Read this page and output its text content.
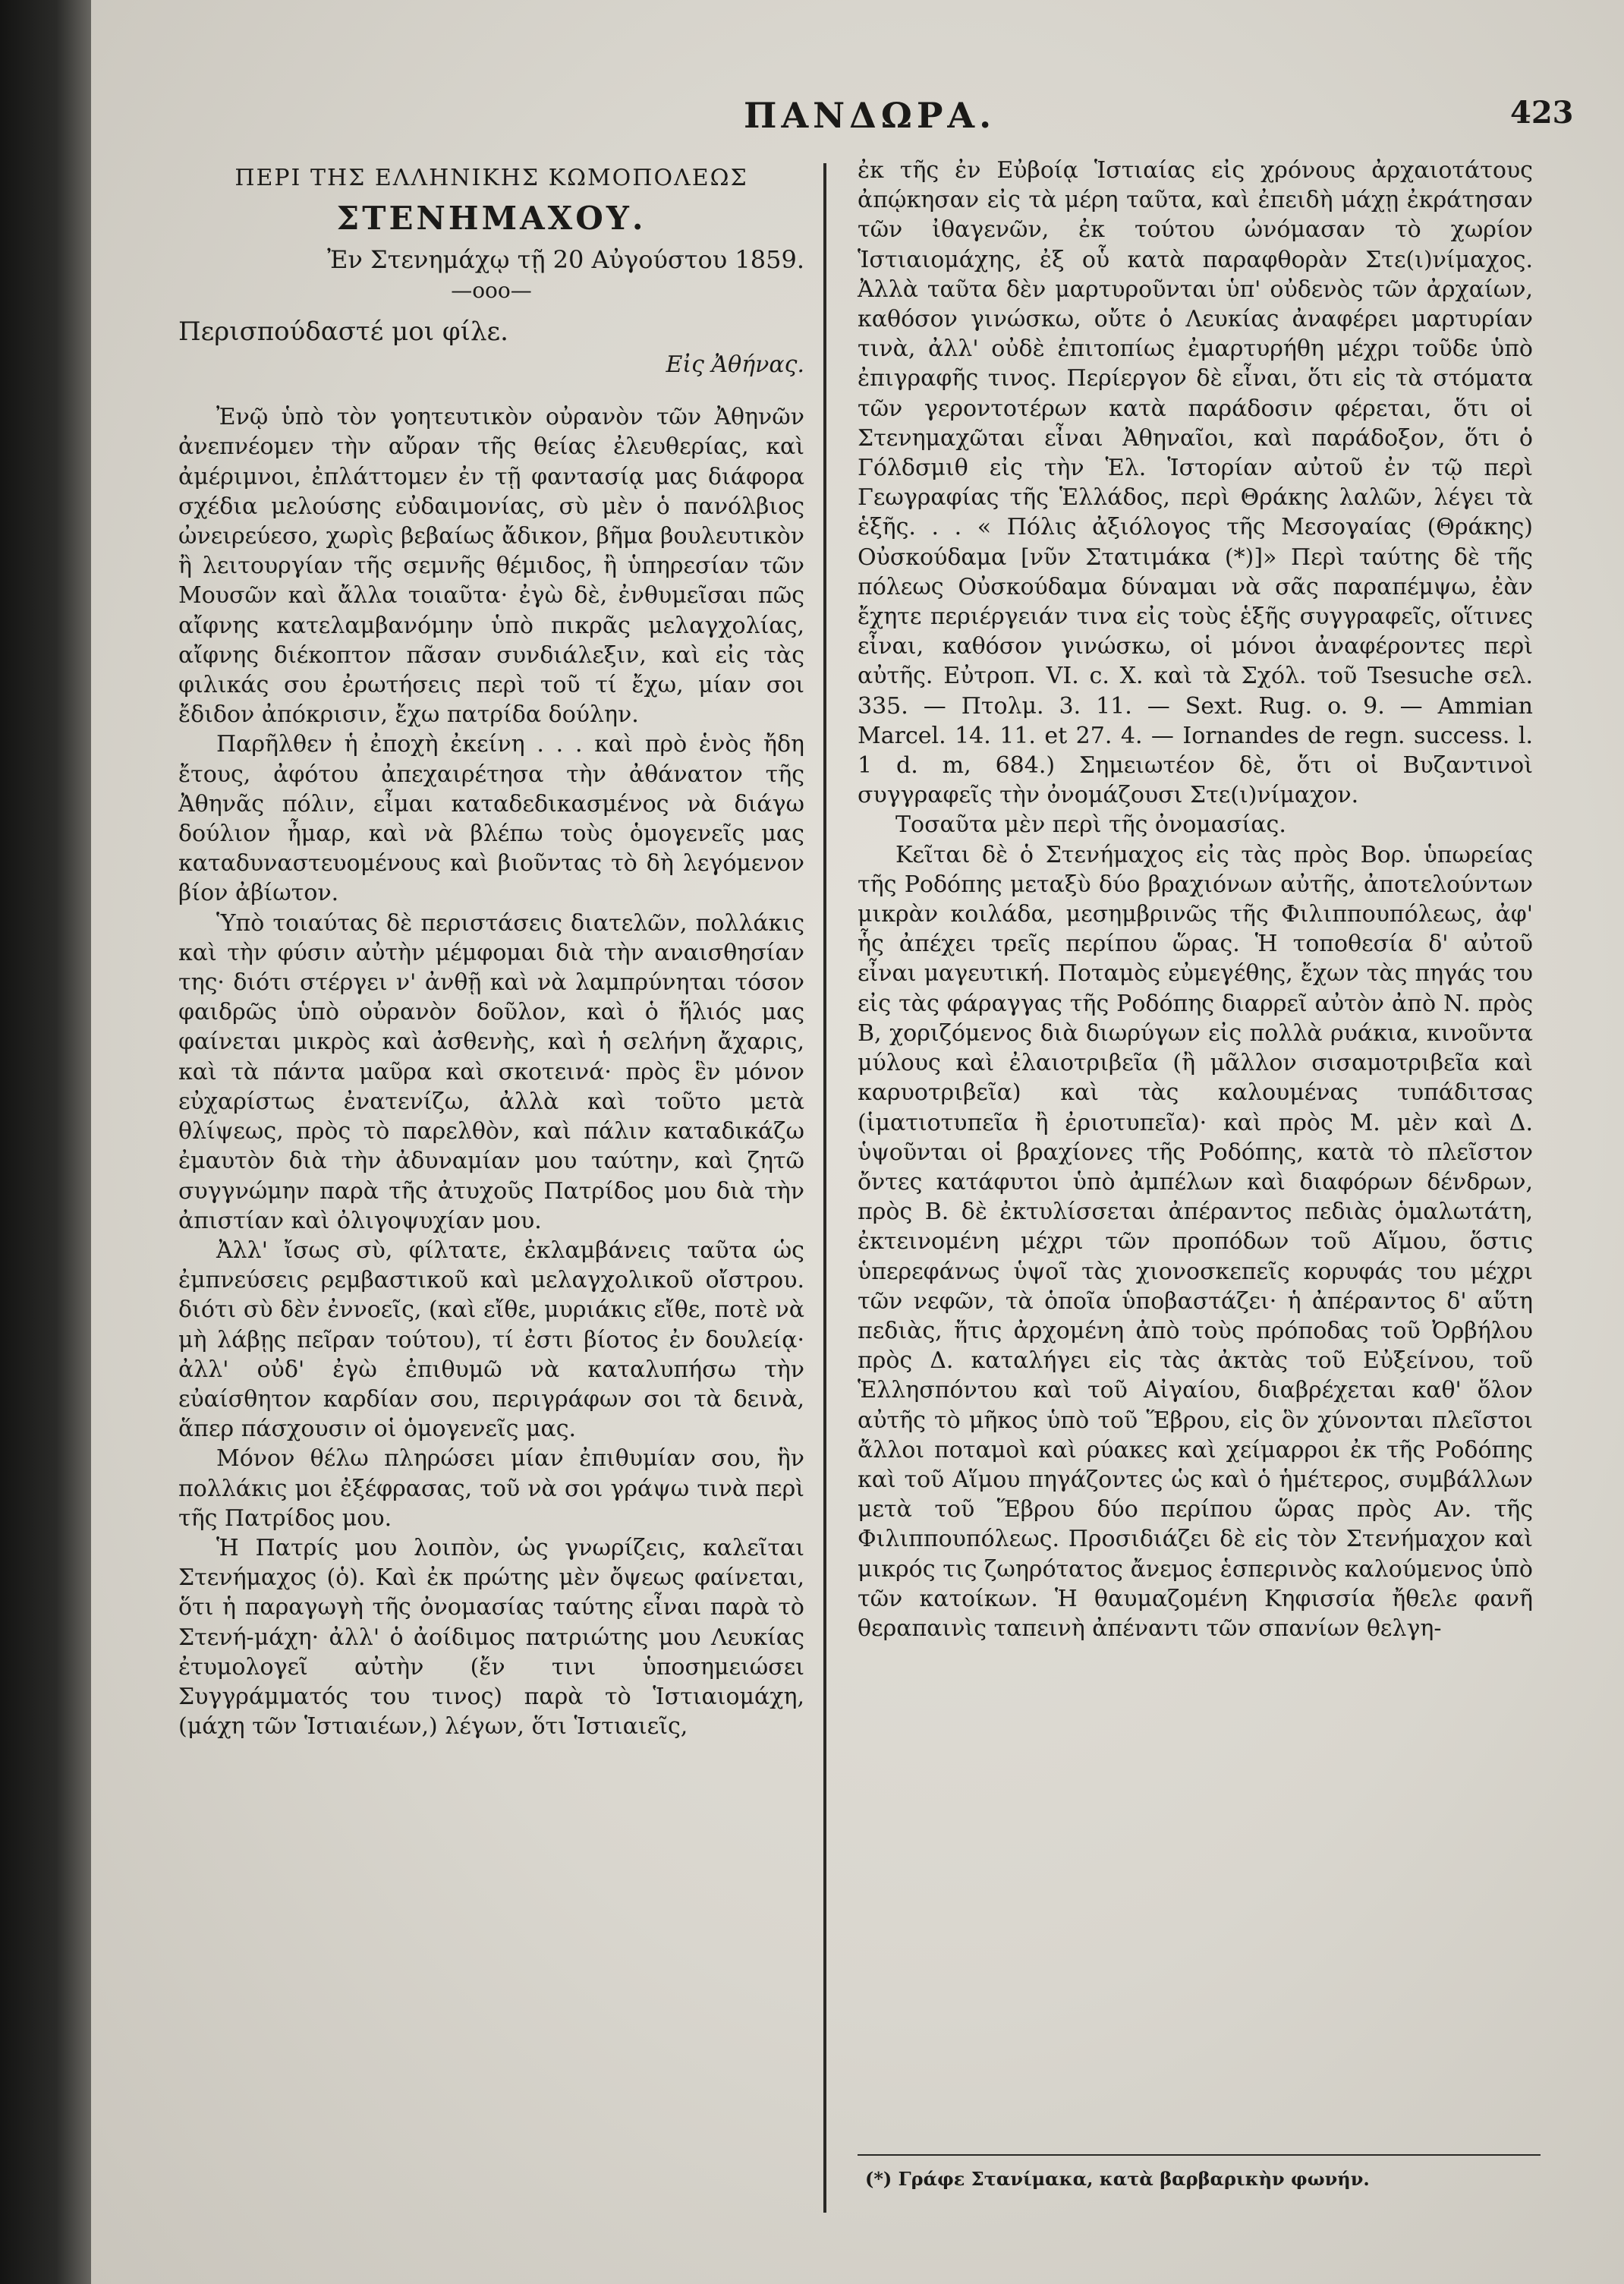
ΠΑΝΔΩΡΑ.	423

ΠΕΡΙ ΤΗΣ ΕΛΛΗΝΙΚΗΣ ΚΩΜΟΠΟΛΕΩΣ

ΣΤΕΝΗΜΑΧΟΥ.

Ἐν Στενημάχῳ τῇ 20 Αὐγούστου 1859.

—ooo—

Περισπούδαστέ μοι φίλε.

Εἰς Ἀθήνας.

Ἐνῷ ὑπὸ τὸν γοητευτικὸν οὐρανὸν τῶν Ἀθηνῶν ἀνεπνέομεν τὴν αὔραν τῆς θείας ἐλευθερίας, καὶ ἀμέριμνοι, ἐπλάττομεν ἐν τῇ φαντασίᾳ μας διάφορα σχέδια μελούσης εὐδαιμονίας, σὺ μὲν ὁ πανόλβιος ὠνειρεύεσο, χωρὶς βεβαίως ἄδικον, βῆμα βουλευτικὸν ἢ λειτουργίαν τῆς σεμνῆς θέμιδος, ἢ ὑπηρεσίαν τῶν Μουσῶν καὶ ἄλλα τοιαῦτα· ἐγὼ δὲ, ἐνθυμεῖσαι πῶς αἴφνης κατελαμβανόμην ὑπὸ πικρᾶς μελαγχολίας, αἴφνης διέκοπτον πᾶσαν συνδιάλεξιν, καὶ εἰς τὰς φιλικάς σου ἐρωτήσεις περὶ τοῦ τί ἔχω, μίαν σοι ἔδιδον ἀπόκρισιν, ἔχω πατρίδα δούλην.

Παρῆλθεν ἡ ἐποχὴ ἐκείνη . . . καὶ πρὸ ἑνὸς ἤδη ἔτους, ἀφότου ἀπεχαιρέτησα τὴν ἀθάνατον τῆς Ἀθηνᾶς πόλιν, εἶμαι καταδεδικασμένος νὰ διάγω δούλιον ἦμαρ, καὶ νὰ βλέπω τοὺς ὁμογενεῖς μας καταδυναστευομένους καὶ βιοῦντας τὸ δὴ λεγόμενον βίον ἀβίωτον.

Ὑπὸ τοιαύτας δὲ περιστάσεις διατελῶν, πολλάκις καὶ τὴν φύσιν αὐτὴν μέμφομαι διὰ τὴν αναισθησίαν της· διότι στέργει ν' ἀνθῇ καὶ νὰ λαμπρύνηται τόσον φαιδρῶς ὑπὸ οὐρανὸν δοῦλον, καὶ ὁ ἥλιός μας φαίνεται μικρὸς καὶ ἀσθενὴς, καὶ ἡ σελήνη ἄχαρις, καὶ τὰ πάντα μαῦρα καὶ σκοτεινά· πρὸς ἓν μόνον εὐχαρίστως ἐνατενίζω, ἀλλὰ καὶ τοῦτο μετὰ θλίψεως, πρὸς τὸ παρελθὸν, καὶ πάλιν καταδικάζω ἐμαυτὸν διὰ τὴν ἀδυναμίαν μου ταύτην, καὶ ζητῶ συγγνώμην παρὰ τῆς ἀτυχοῦς Πατρίδος μου διὰ τὴν ἀπιστίαν καὶ ὀλιγοψυχίαν μου.

Ἀλλ' ἴσως σὺ, φίλτατε, ἐκλαμβάνεις ταῦτα ὡς ἐμπνεύσεις ρεμβαστικοῦ καὶ μελαγχολικοῦ οἴστρου. διότι σὺ δὲν ἐννοεῖς, (καὶ εἴθε, μυριάκις εἴθε, ποτὲ νὰ μὴ λάβῃς πεῖραν τούτου), τί ἐστι βίοτος ἐν δουλείᾳ· ἀλλ' οὐδ' ἐγὼ ἐπιθυμῶ νὰ καταλυπήσω τὴν εὐαίσθητον καρδίαν σου, περιγράφων σοι τὰ δεινὰ, ἅπερ πάσχουσιν οἱ ὁμογενεῖς μας.

Μόνον θέλω πληρώσει μίαν ἐπιθυμίαν σου, ἣν πολλάκις μοι ἐξέφρασας, τοῦ νὰ σοι γράψω τινὰ περὶ τῆς Πατρίδος μου.

Ἡ Πατρίς μου λοιπὸν, ὡς γνωρίζεις, καλεῖται Στενήμαχος (ὁ). Καὶ ἐκ πρώτης μὲν ὄψεως φαίνεται, ὅτι ἡ παραγωγὴ τῆς ὀνομασίας ταύτης εἶναι παρὰ τὸ Στενή-μάχη· ἀλλ' ὁ ἀοίδιμος πατριώτης μου Λευκίας ἐτυμολογεῖ αὐτὴν (ἔν τινι ὑποσημειώσει Συγγράμματός του τινος) παρὰ τὸ Ἱστιαιομάχη, (μάχη τῶν Ἱστιαιέων,) λέγων, ὅτι Ἱστιαιεῖς,

ἐκ τῆς ἐν Εὐβοίᾳ Ἱστιαίας εἰς χρόνους ἀρχαιοτάτους ἀπῴκησαν εἰς τὰ μέρη ταῦτα, καὶ ἐπειδὴ μάχῃ ἐκράτησαν τῶν ἰθαγενῶν, ἐκ τούτου ὠνόμασαν τὸ χωρίον Ἱστιαιομάχης, ἐξ οὗ κατὰ παραφθορὰν Στε(ι)νίμαχος. Ἀλλὰ ταῦτα δὲν μαρτυροῦνται ὑπ' οὐδενὸς τῶν ἀρχαίων, καθόσον γινώσκω, οὔτε ὁ Λευκίας ἀναφέρει μαρτυρίαν τινὰ, ἀλλ' οὐδὲ ἐπιτοπίως ἐμαρτυρήθη μέχρι τοῦδε ὑπὸ ἐπιγραφῆς τινος. Περίεργον δὲ εἶναι, ὅτι εἰς τὰ στόματα τῶν γεροντοτέρων κατὰ παράδοσιν φέρεται, ὅτι οἱ Στενημαχῶται εἶναι Ἀθηναῖοι, καὶ παράδοξον, ὅτι ὁ Γόλδσμιθ εἰς τὴν Ἑλ. Ἱστορίαν αὐτοῦ ἐν τῷ περὶ Γεωγραφίας τῆς Ἑλλάδος, περὶ Θράκης λαλῶν, λέγει τὰ ἑξῆς. . . « Πόλις ἀξιόλογος τῆς Μεσογαίας (Θράκης) Οὐσκούδαμα [νῦν Στατιμάκα (*)]» Περὶ ταύτης δὲ τῆς πόλεως Οὐσκούδαμα δύναμαι νὰ σᾶς παραπέμψω, ἐὰν ἔχητε περιέργειάν τινα εἰς τοὺς ἑξῆς συγγραφεῖς, οἵτινες εἶναι, καθόσον γινώσκω, οἱ μόνοι ἀναφέροντες περὶ αὐτῆς. Εὐτροπ. VI. c. X. καὶ τὰ Σχόλ. τοῦ Tsesuche σελ. 335. — Πτολμ. 3. 11. — Sext. Rug. o. 9. — Ammian Marcel. 14. 11. et 27. 4. — Iornandes de regn. success. l. 1 d. m, 684.) Σημειωτέον δὲ, ὅτι οἱ Βυζαντινοὶ συγγραφεῖς τὴν ὀνομάζουσι Στε(ι)νίμαχον.

Τοσαῦτα μὲν περὶ τῆς ὀνομασίας.

Κεῖται δὲ ὁ Στενήμαχος εἰς τὰς πρὸς Βορ. ὑπωρείας τῆς Ροδόπης μεταξὺ δύο βραχιόνων αὐτῆς, ἀποτελούντων μικρὰν κοιλάδα, μεσημβρινῶς τῆς Φιλιππουπόλεως, ἀφ' ἧς ἀπέχει τρεῖς περίπου ὥρας. Ἡ τοποθεσία δ' αὐτοῦ εἶναι μαγευτική. Ποταμὸς εὐμεγέθης, ἔχων τὰς πηγάς του εἰς τὰς φάραγγας τῆς Ροδόπης διαρρεῖ αὐτὸν ἀπὸ Ν. πρὸς Β, χοριζόμενος διὰ διωρύγων εἰς πολλὰ ρυάκια, κινοῦντα μύλους καὶ ἐλαιοτριβεῖα (ἢ μᾶλλον σισαμοτριβεῖα καὶ καρυοτριβεῖα) καὶ τὰς καλουμένας τυπάδιτσας (ἱματιοτυπεῖα ἢ ἐριοτυπεῖα)· καὶ πρὸς Μ. μὲν καὶ Δ. ὑψοῦνται οἱ βραχίονες τῆς Ροδόπης, κατὰ τὸ πλεῖστον ὄντες κατάφυτοι ὑπὸ ἀμπέλων καὶ διαφόρων δένδρων, πρὸς Β. δὲ ἐκτυλίσσεται ἀπέραντος πεδιὰς ὁμαλωτάτη, ἐκτεινομένη μέχρι τῶν προπόδων τοῦ Αἵμου, ὅστις ὑπερεφάνως ὑψοῖ τὰς χιονοσκεπεῖς κορυφάς του μέχρι τῶν νεφῶν, τὰ ὁποῖα ὑποβαστάζει· ἡ ἀπέραντος δ' αὕτη πεδιὰς, ἥτις ἀρχομένη ἀπὸ τοὺς πρόποδας τοῦ Ὀρβήλου πρὸς Δ. καταλήγει εἰς τὰς ἀκτὰς τοῦ Εὐξείνου, τοῦ Ἑλλησπόντου καὶ τοῦ Αἰγαίου, διαβρέχεται καθ' ὅλον αὐτῆς τὸ μῆκος ὑπὸ τοῦ Ἕβρου, εἰς ὃν χύνονται πλεῖστοι ἄλλοι ποταμοὶ καὶ ρύακες καὶ χείμαρροι ἐκ τῆς Ροδόπης καὶ τοῦ Αἵμου πηγάζοντες ὡς καὶ ὁ ἡμέτερος, συμβάλλων μετὰ τοῦ Ἕβρου δύο περίπου ὥρας πρὸς Αν. τῆς Φιλιππουπόλεως. Προσιδιάζει δὲ εἰς τὸν Στενήμαχον καὶ μικρός τις ζωηρότατος ἄνεμος ἑσπερινὸς καλούμενος ὑπὸ τῶν κατοίκων. Ἡ θαυμαζομένη Κηφισσία ἤθελε φανῆ θεραπαινὶς ταπεινὴ ἀπέναντι τῶν σπανίων θελγη-

(*) Γράφε Στανίμακα, κατὰ βαρβαρικὴν φωνήν.
